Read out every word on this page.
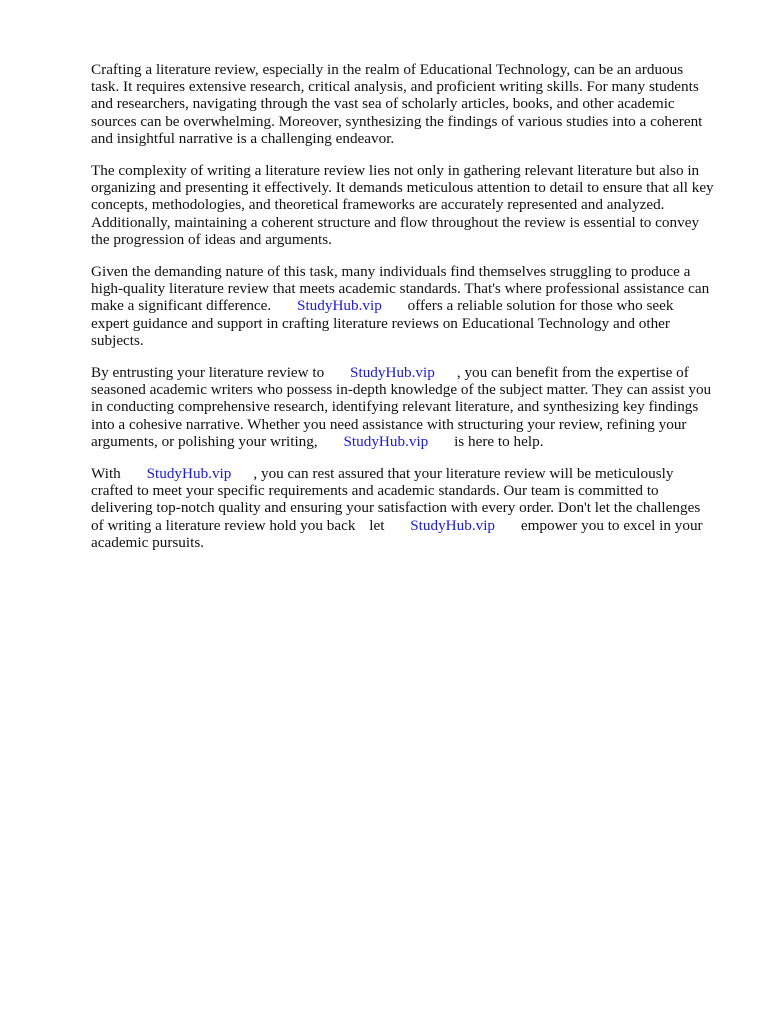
Crafting a literature review, especially in the realm of Educational Technology, can be an arduous task. It requires extensive research, critical analysis, and proficient writing skills. For many students and researchers, navigating through the vast sea of scholarly articles, books, and other academic sources can be overwhelming. Moreover, synthesizing the findings of various studies into a coherent and insightful narrative is a challenging endeavor.

The complexity of writing a literature review lies not only in gathering relevant literature but also in organizing and presenting it effectively. It demands meticulous attention to detail to ensure that all key concepts, methodologies, and theoretical frameworks are accurately represented and analyzed. Additionally, maintaining a coherent structure and flow throughout the review is essential to convey the progression of ideas and arguments.

Given the demanding nature of this task, many individuals find themselves struggling to produce a high-quality literature review that meets academic standards. That's where professional assistance can make a significant difference. StudyHub.vip offers a reliable solution for those who seek expert guidance and support in crafting literature reviews on Educational Technology and other subjects.

By entrusting your literature review to StudyHub.vip , you can benefit from the expertise of seasoned academic writers who possess in-depth knowledge of the subject matter. They can assist you in conducting comprehensive research, identifying relevant literature, and synthesizing key findings into a cohesive narrative. Whether you need assistance with structuring your review, refining your arguments, or polishing your writing, StudyHub.vip is here to help.

With StudyHub.vip , you can rest assured that your literature review will be meticulously crafted to meet your specific requirements and academic standards. Our team is committed to delivering top-notch quality and ensuring your satisfaction with every order. Don't let the challenges of writing a literature review hold you back let StudyHub.vip empower you to excel in your academic pursuits.
